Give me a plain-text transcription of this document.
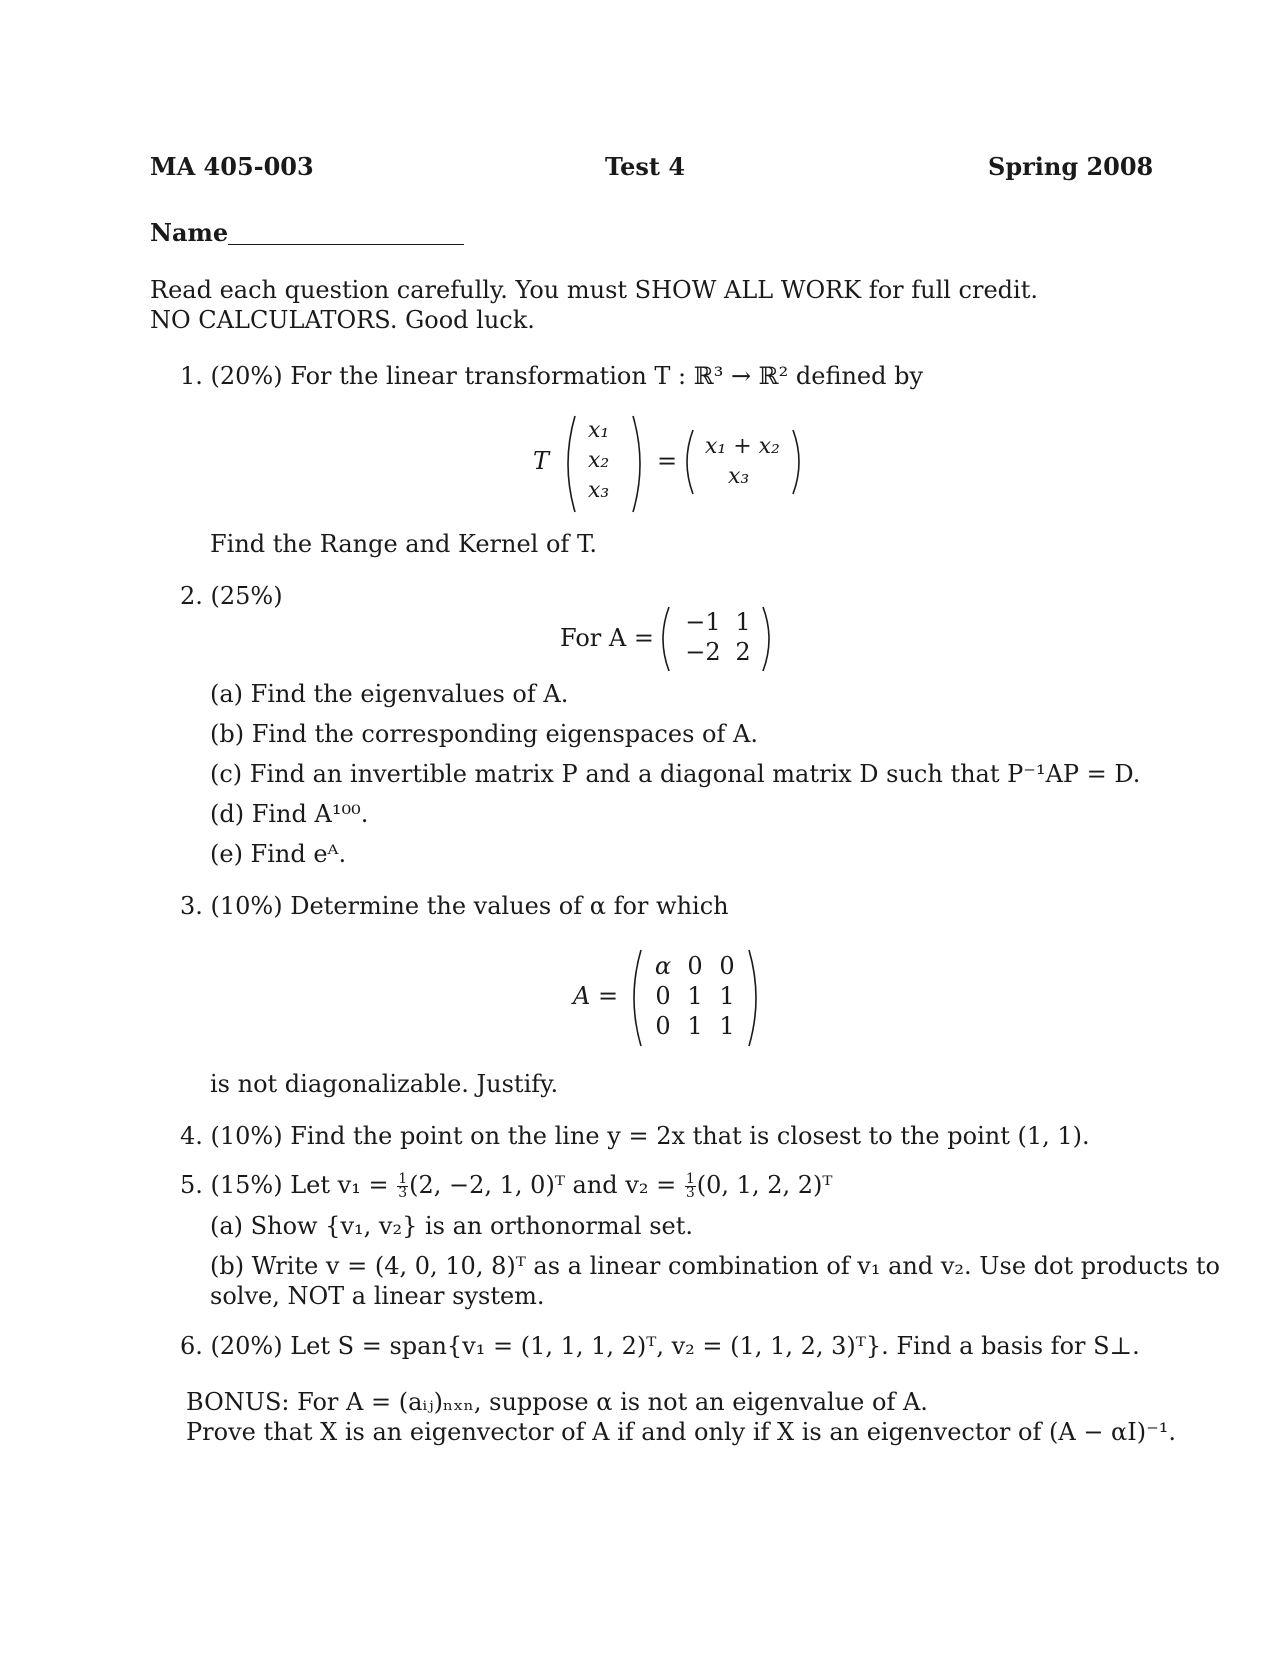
MA 405-003	Test 4	Spring 2008
Name
Read each question carefully. You must SHOW ALL WORK for full credit.
NO CALCULATORS. Good luck.
1. (20%) For the linear transformation T : ℝ³ → ℝ² defined by
T
x₁
x₂
x₃
=
x₁ + x₂
x₃
Find the Range and Kernel of T.
2. (25%)
For A =
−1 1
−2 2
(a) Find the eigenvalues of A.
(b) Find the corresponding eigenspaces of A.
(c) Find an invertible matrix P and a diagonal matrix D such that P⁻¹AP = D.
(d) Find A¹⁰⁰.
(e) Find eᴬ.
3. (10%) Determine the values of α for which
A =
α 0 0
0 1 1
0 1 1
is not diagonalizable. Justify.
4. (10%) Find the point on the line y = 2x that is closest to the point (1, 1).
5. (15%) Let $v_1 = \frac{1}{3} (2$, −2, 1, 0)ᵀ and $v_2 = \frac{1}{3} (0$, 1, 2, 2)ᵀ
(a) Show {v₁, v₂} is an orthonormal set.
(b) Write v = (4, 0, 10, 8)ᵀ as a linear combination of v₁ and v₂. Use dot products to
solve, NOT a linear system.
6. (20%) Let S = span{v₁ = (1, 1, 1, 2)ᵀ, v₂ = (1, 1, 2, 3)ᵀ}. Find a basis for S⊥.
BONUS: For A = (aᵢⱼ)ₙₓₙ, suppose α is not an eigenvalue of A.
Prove that X is an eigenvector of A if and only if X is an eigenvector of (A − αI)⁻¹.
